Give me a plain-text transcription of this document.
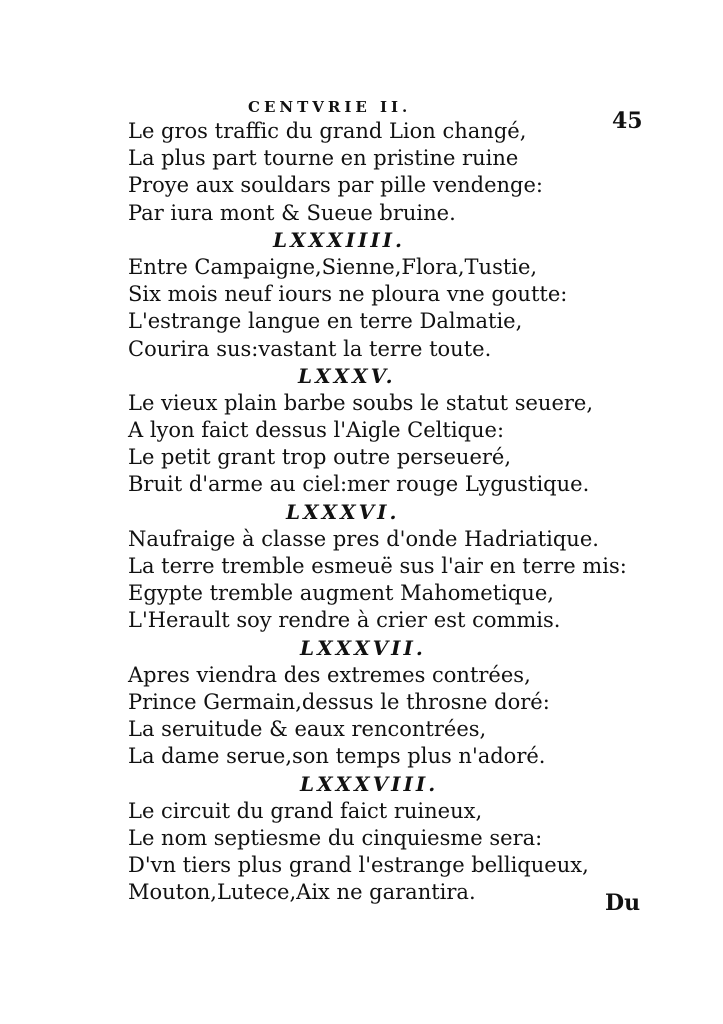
CENTVRIE II.
45
Le gros traffic du grand Lion changé,
La plus part tourne en pristine ruine
Proye aux souldars par pille vendenge:
Par iura mont & Sueue bruine.
LXXXIIII.
Entre Campaigne,Sienne,Flora,Tustie,
Six mois neuf iours ne ploura vne goutte:
L'estrange langue en terre Dalmatie,
Courira sus:vastant la terre toute.
LXXXV.
Le vieux plain barbe soubs le statut seuere,
A lyon faict dessus l'Aigle Celtique:
Le petit grant trop outre perseueré,
Bruit d'arme au ciel:mer rouge Lygustique.
LXXXVI.
Naufraige à classe pres d'onde Hadriatique.
La terre tremble esmeuë sus l'air en terre mis:
Egypte tremble augment Mahometique,
L'Herault soy rendre à crier est commis.
LXXXVII.
Apres viendra des extremes contrées,
Prince Germain,dessus le throsne doré:
La seruitude & eaux rencontrées,
La dame serue,son temps plus n'adoré.
LXXXVIII.
Le circuit du grand faict ruineux,
Le nom septiesme du cinquiesme sera:
D'vn tiers plus grand l'estrange belliqueux,
Mouton,Lutece,Aix ne garantira.	Du
